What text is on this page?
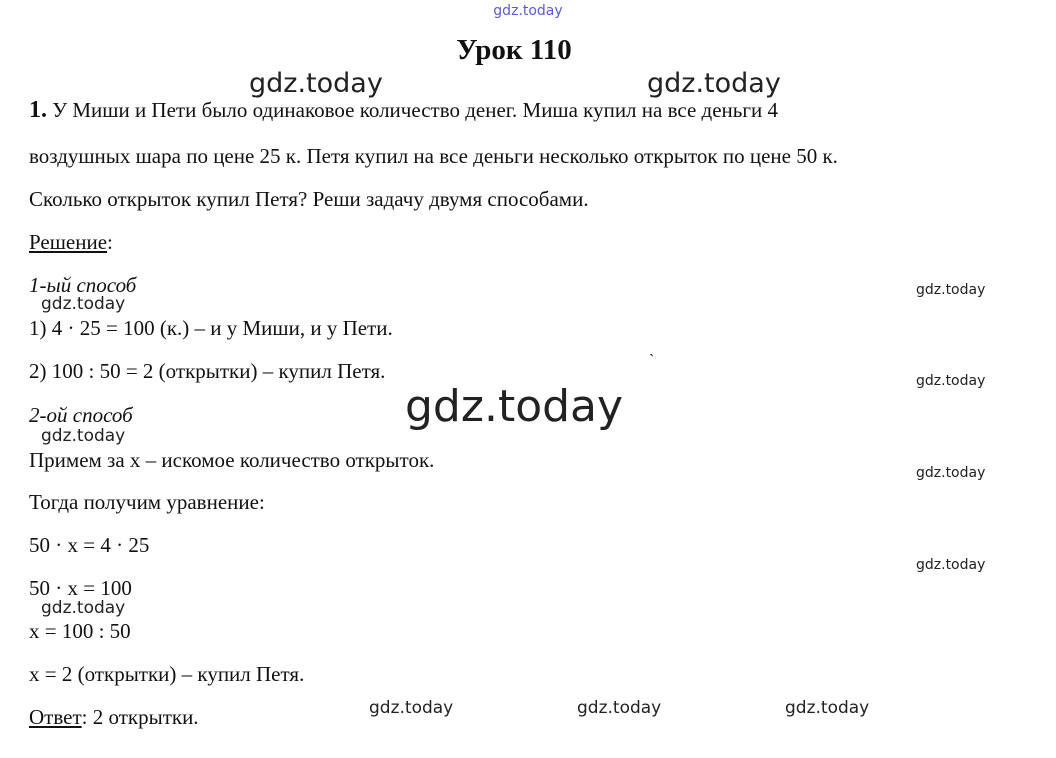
gdz.today
Урок 110
gdz.today	gdz.today
1. У Миши и Пети было одинаковое количество денег. Миша купил на все деньги 4
воздушных шара по цене 25 к. Петя купил на все деньги несколько открыток по цене 50 к.
Сколько открыток купил Петя? Реши задачу двумя способами.
Решение:
1-ый способ
gdz.today
1) 4 · 25 = 100 (к.) – и у Миши, и у Пети.
2) 100 : 50 = 2 (открытки) – купил Петя.
gdz.today
`
2-ой способ
gdz.today
Примем за х – искомое количество открыток.
Тогда получим уравнение:
50 · х = 4 · 25
50 · х = 100
gdz.today
х = 100 : 50
х = 2 (открытки) – купил Петя.
Ответ: 2 открытки.
gdz.today
gdz.today
gdz.today
gdz.today
gdz.today	gdz.today	gdz.today
